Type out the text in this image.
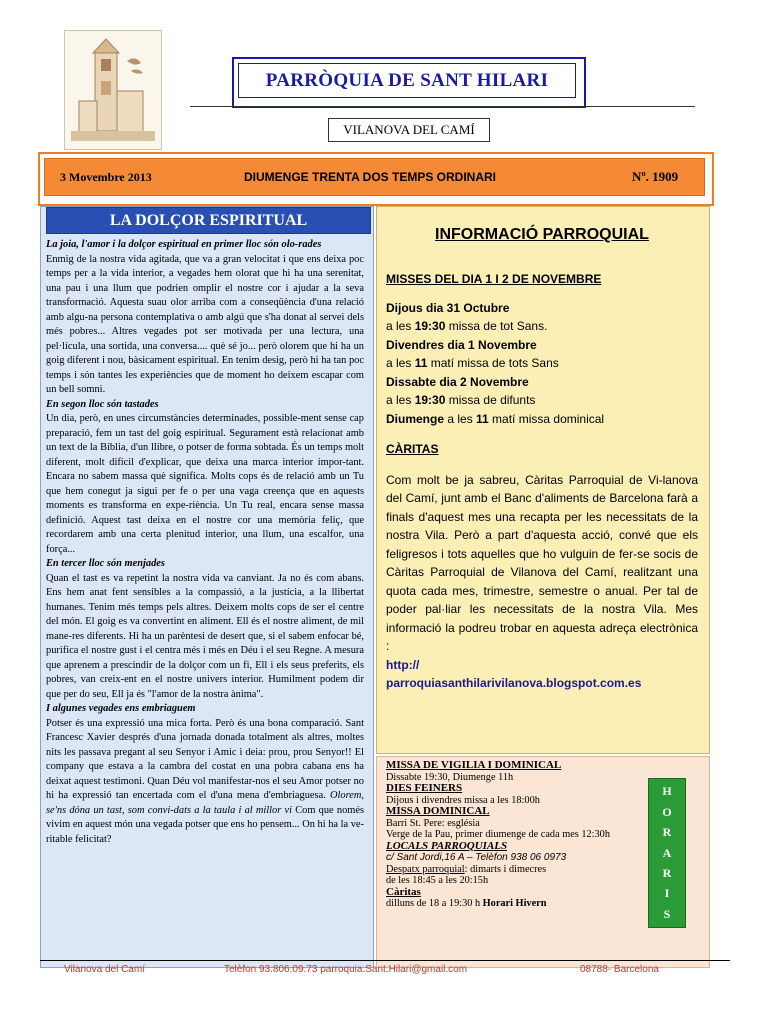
PARRÒQUIA DE SANT HILARI
VILANOVA DEL CAMÍ
3 Movembre 2013	DIUMENGE TRENTA DOS TEMPS ORDINARI	Nº. 1909
LA DOLÇOR ESPIRITUAL

La joia, l'amor i la dolçor espiritual en primer lloc són olo-rades

Enmig de la nostra vida agitada, que va a gran velocitat i que ens deixa poc temps per a la vida interior, a vegades hem olorat que hi ha una serenitat, una pau i una llum que podrien omplir el nostre cor i ajudar a la seva transformació. Aquesta suau olor arriba com a conseqüència d'una relació amb algu-na persona contemplativa o amb algú que s'ha donat al servei dels més pobres... Altres vegades pot ser motivada per una lectura, una pel·lícula, una sortida, una conversa.... què sé jo... però olorem que hi ha un goig diferent i nou, bàsicament espiritual. En tenim desig, però hi ha tan poc temps i són tantes les experiències que de moment ho deixem escapar com un bell somni.

En segon lloc són tastades

Un dia, però, en unes circumstàncies determinades, possible-ment sense cap preparació, fem un tast del goig espiritual. Segurament està relacionat amb un text de la Bíblia, d'un llibre, o potser de forma sobtada. És un temps molt diferent, molt difícil d'explicar, que deixa una marca interior impor-tant. Encara no sabem massa què significa. Molts cops és de relació amb un Tu que hem conegut ja sigui per fe o per una vaga creença que en aquests moments es transforma en expe-riència. Un Tu real, encara sense massa definició. Aquest tast deixa en el nostre cor una memòria feliç, que recordarem amb una certa plenitud interior, una llum, una escalfor, una força...

En tercer lloc són menjades

Quan el tast es va repetint la nostra vida va canviant. Ja no és com abans. Ens hem anat fent sensibles a la compassió, a la justícia, a la llibertat humanes. Tenim més temps pels altres. Deixem molts cops de ser el centre del món. El goig es va convertint en aliment. Ell és el nostre aliment, de mil mane-res diferents. Hi ha un parèntesi de desert que, si el sabem enfocar bé, purifica el nostre gust i el centra més i més en Déu i el seu Regne. A mesura que aprenem a prescindir de la dolçor com un fi, Ell i els seus preferits, els pobres, van creix-ent en el nostre univers interior. Humilment podem dir que per do seu, Ell ja és "l'amor de la nostra ànima".

I algunes vegades ens embriaguem

Potser és una expressió una mica forta. Però és una bona comparació. Sant Francesc Xavier després d'una jornada donada totalment als altres, moltes nits les passava pregant al seu Senyor i Amic i deia: prou, prou Senyor!! El company que estava a la cambra del costat en una pobra cabana ens ha deixat aquest testimoni. Quan Déu vol manifestar-nos el seu Amor potser no hi ha expressió tan encertada com el d'una mena d'embriaguesa. Olorem, se'ns dóna un tast, som convi-dats a la taula i al millor vi Com que només vivim en aquest món una vegada potser que ens ho pensem... On hi ha la ve-ritable felicitat?

INFORMACIÓ PARROQUIAL

MISSES DEL DIA 1 I 2 DE NOVEMBRE

Dijous dia 31 Octubre

a les 19:30 missa de tot Sans.

Divendres dia 1 Novembre

a les 11 matí missa de tots Sans

Dissabte dia 2 Novembre

a les 19:30 missa de difunts

Diumenge a les 11 matí missa dominical

CÀRITAS

Com molt be ja sabreu, Càritas Parroquial de Vi-lanova del Camí, junt amb el Banc d'aliments de Barcelona farà a finals d'aquest mes una recapta per les necessitats de la nostra Vila. Però a part d'aquesta acció, convé que els feligresos i tots aquelles que ho vulguin de fer-se socis de Càritas Parroquial de Vilanova del Camí, realitzant una quota cada mes, trimestre, semestre o anual. Per tal de poder pal·liar les necessitats de la nostra Vila. Mes informació la podreu trobar en aquesta adreça electrònica :

http://

parroquiasanthilarivilanova.blogspot.com.es

MISSA DE VIGILIA I DOMINICAL

Dissabte 19:30, Diumenge 11h

DIES FEINERS

Dijous i divendres missa a les 18:00h

MISSA DOMINICAL

Barri St. Pere: església

Verge de la Pau, primer diumenge de cada mes 12:30h

LOCALS PARROQUIALS

c/ Sant Jordi,16 A – Telèfon 938 06 0973

Despatx parroquial: dimarts i dimecres

de les 18:45 a les 20:15h

Càritas

dilluns de 18 a 19:30 h Horari Hivern

H
O
R
A
R
I
S
Vilanova del Camí	Telèfon 93.806.09.73 parroquia.Sant.Hilari@gmail.com	08788- Barcelona
